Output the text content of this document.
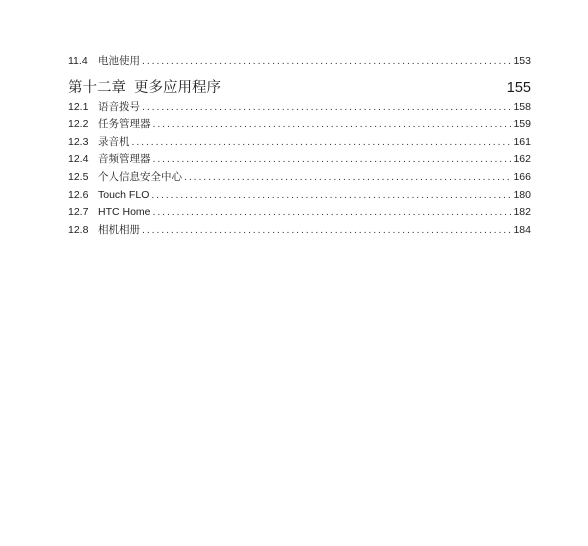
11.4 电池使用 .....	153
第十二章 更多应用程序	155
12.1 语音拨号 .....	158
12.2 任务管理器 .....	159
12.3 录音机 .....	161
12.4 音频管理器 .....	162
12.5 个人信息安全中心 .....	166
12.6 Touch FLO .....	180
12.7 HTC Home .....	182
12.8 相机相册 .....	184
